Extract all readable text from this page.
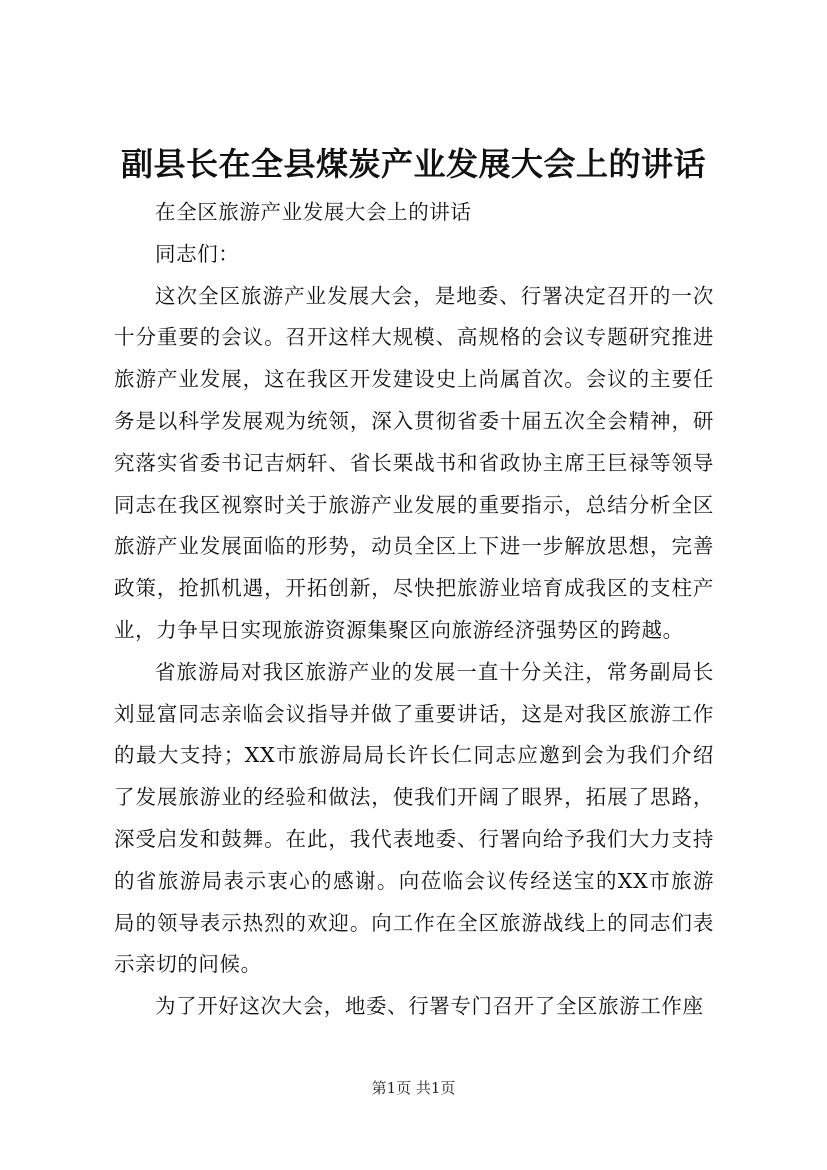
副县长在全县煤炭产业发展大会上的讲话

在全区旅游产业发展大会上的讲话

同志们：

这次全区旅游产业发展大会，是地委、行署决定召开的一次十分重要的会议。召开这样大规模、高规格的会议专题研究推进旅游产业发展，这在我区开发建设史上尚属首次。会议的主要任务是以科学发展观为统领，深入贯彻省委十届五次全会精神，研究落实省委书记吉炳轩、省长栗战书和省政协主席王巨禄等领导同志在我区视察时关于旅游产业发展的重要指示，总结分析全区旅游产业发展面临的形势，动员全区上下进一步解放思想，完善政策，抢抓机遇，开拓创新，尽快把旅游业培育成我区的支柱产业，力争早日实现旅游资源集聚区向旅游经济强势区的跨越。

省旅游局对我区旅游产业的发展一直十分关注，常务副局长刘显富同志亲临会议指导并做了重要讲话，这是对我区旅游工作的最大支持；XX市旅游局局长许长仁同志应邀到会为我们介绍了发展旅游业的经验和做法，使我们开阔了眼界，拓展了思路，深受启发和鼓舞。在此，我代表地委、行署向给予我们大力支持的省旅游局表示衷心的感谢。向莅临会议传经送宝的XX市旅游局的领导表示热烈的欢迎。向工作在全区旅游战线上的同志们表示亲切的问候。

为了开好这次大会，地委、行署专门召开了全区旅游工作座

第1页 共1页
